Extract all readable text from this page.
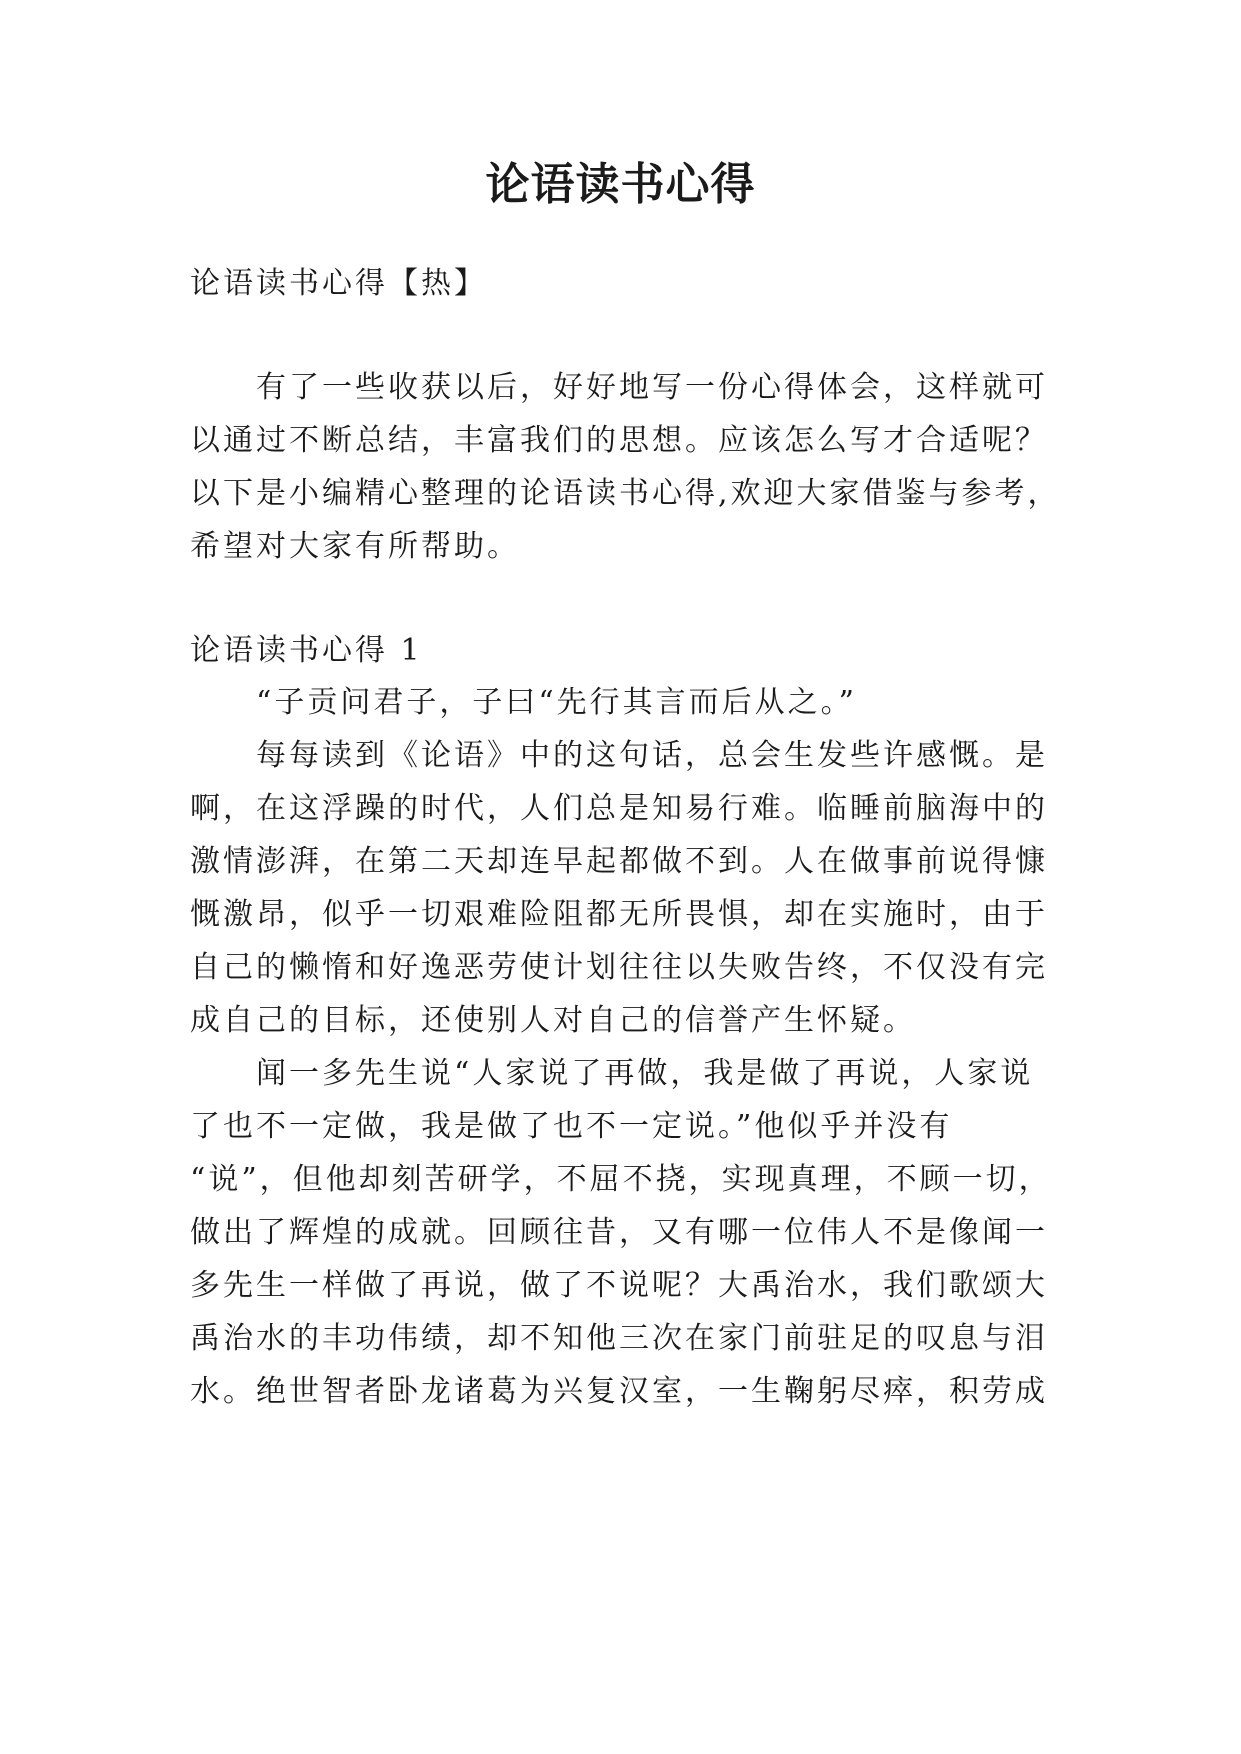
论语读书心得
论语读书心得【热】
有了一些收获以后，好好地写一份心得体会，这样就可
以通过不断总结，丰富我们的思想。应该怎么写才合适呢？
以下是小编精心整理的论语读书心得,欢迎大家借鉴与参考，
希望对大家有所帮助。
论语读书心得 1
“子贡问君子，子曰“先行其言而后从之。”
每每读到《论语》中的这句话，总会生发些许感慨。是
啊，在这浮躁的时代，人们总是知易行难。临睡前脑海中的
激情澎湃，在第二天却连早起都做不到。人在做事前说得慷
慨激昂，似乎一切艰难险阻都无所畏惧，却在实施时，由于
自己的懒惰和好逸恶劳使计划往往以失败告终，不仅没有完
成自己的目标，还使别人对自己的信誉产生怀疑。
闻一多先生说“人家说了再做，我是做了再说，人家说
了也不一定做，我是做了也不一定说。”他似乎并没有
“说”，但他却刻苦研学，不屈不挠，实现真理，不顾一切，
做出了辉煌的成就。回顾往昔，又有哪一位伟人不是像闻一
多先生一样做了再说，做了不说呢？大禹治水，我们歌颂大
禹治水的丰功伟绩，却不知他三次在家门前驻足的叹息与泪
水。绝世智者卧龙诸葛为兴复汉室，一生鞠躬尽瘁，积劳成
